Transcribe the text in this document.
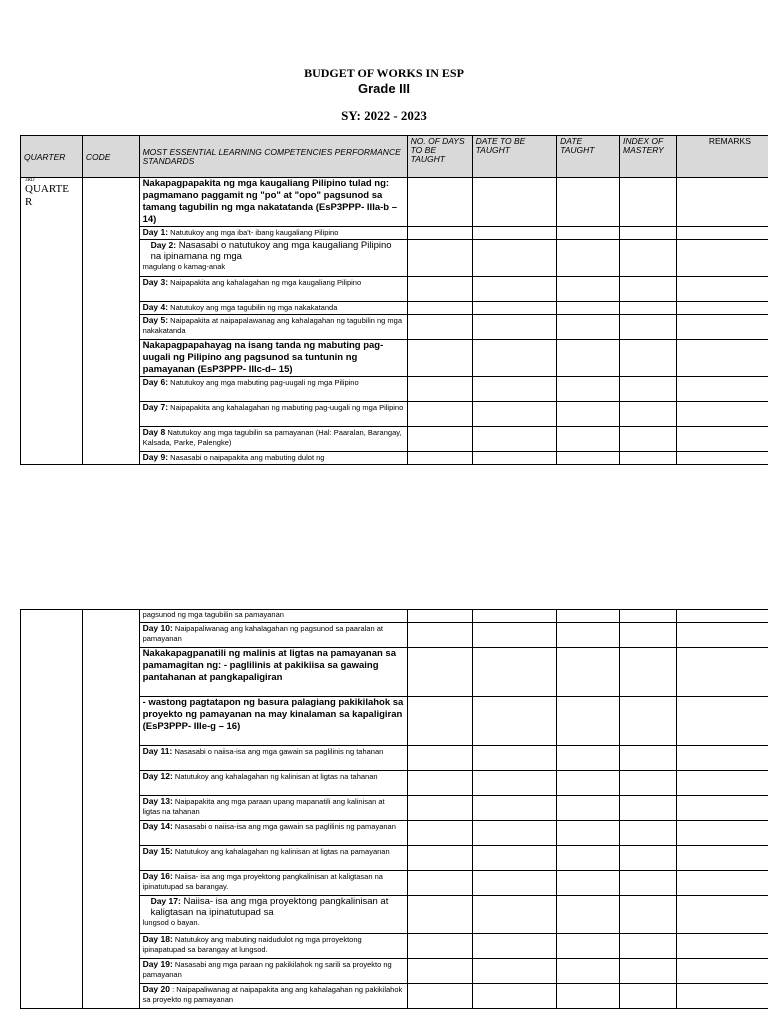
BUDGET OF WORKS IN ESP
Grade III
SY: 2022 - 2023
QUARTER	CODE	MOST ESSENTIAL LEARNING COMPETENCIES PERFORMANCE STANDARDS	NO. OF DAYS TO BE TAUGHT	DATE TO BE TAUGHT	DATE TAUGHT	INDEX OF MASTERY	REMARKS

3RD
QUARTER		Nakapagpapakita ng mga kaugaliang Pilipino tulad ng: pagmamano paggamit ng "po" at "opo" pagsunod sa tamang tagubilin ng mga nakatatanda (EsP3PPP- IIIa-b – 14)					
		Day 1: Natutukoy ang mga iba't- ibang kaugaliang Pilipino					

		Day 2: Nasasabi o natutukoy ang mga kaugaliang Pilipino na ipinamana ng mga
magulang o kamag-anak					

		Day 3: Naipapakita ang kahalagahan ng mga kaugaliang Pilipino					
		Day 4: Natutukoy ang mga tagubilin ng mga nakakatanda					
		Day 5: Naipapakita at naipapalawanag ang kahalagahan ng tagubilin ng mga nakakatanda					
		Nakapagpapahayag na isang tanda ng mabuting pag-uugali ng Pilipino ang pagsunod sa tuntunin ng pamayanan (EsP3PPP- IIIc-d– 15)					
		Day 6: Natutukoy ang mga mabuting pag-uugali ng mga Pilipino					
		Day 7: Naipapakita ang kahalagahan ng mabuting pag-uugali ng mga Pilipino					
		Day 8 Natutukoy ang mga tagubilin sa pamayanan (Hal: Paaralan, Barangay, Kalsada, Parke, Palengke)					
		Day 9: Nasasabi o naipapakita ang mabuting dulot ng					
		pagsunod ng mga tagubilin sa pamayanan					
		Day 10: Naipapaliwanag ang kahalagahan ng pagsunod sa paaralan at pamayanan					
		Nakakapagpanatili ng malinis at ligtas na pamayanan sa pamamagitan ng: - paglilinis at pakikiisa sa gawaing pantahanan at pangkapaligiran					
		- wastong pagtatapon ng basura palagiang pakikilahok sa proyekto ng pamayanan na may kinalaman sa kapaligiran (EsP3PPP- IIIe-g – 16)					
		Day 11: Nasasabi o naiisa-isa ang mga gawain sa paglilinis ng tahanan					
		Day 12: Natutukoy ang kahalagahan ng kalinisan at ligtas na tahanan					
		Day 13: Naipapakita ang mga paraan upang mapanatili ang kalinisan at ligtas na tahanan					
		Day 14: Nasasabi o naiisa-isa ang mga gawain sa paglilinis ng pamayanan					
		Day 15: Natutukoy ang kahalagahan ng kalinisan at ligtas na pamayanan					
		Day 16: Naiisa- isa ang mga proyektong pangkalinisan at kaligtasan na ipinatutupad sa barangay.					

		Day 17: Naiisa- isa ang mga proyektong pangkalinisan at kaligtasan na ipinatutupad sa
lungsod o bayan.					

		Day 18: Natutukoy ang mabuting naidudulot ng mga prroyektong ipinapatupad sa barangay at lungsod.					
		Day 19: Nasasabi ang mga paraan ng pakikilahok ng sarili sa proyekto ng pamayanan					
		Day 20 : Naipapaliwanag at naipapakita ang ang kahalagahan ng pakikilahok sa proyekto ng pamayanan					
